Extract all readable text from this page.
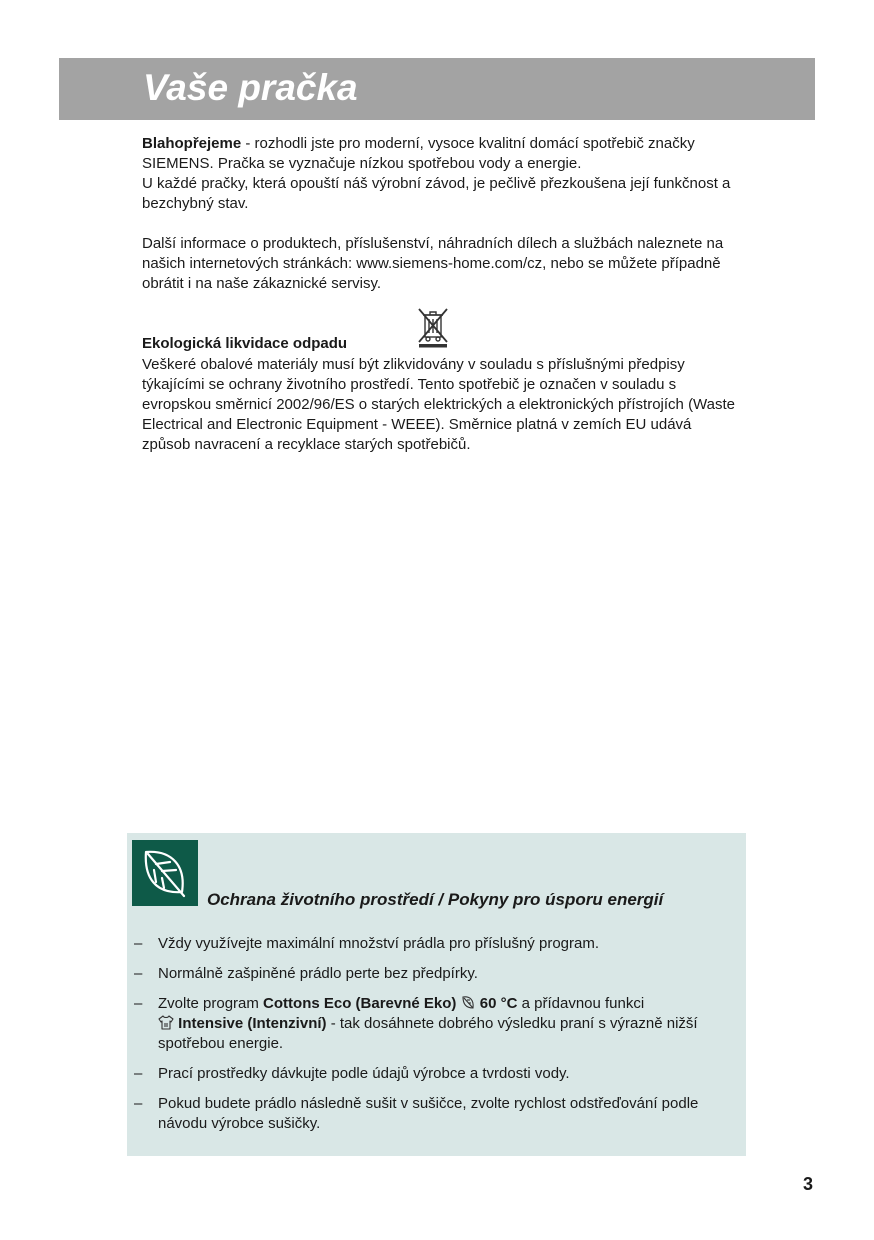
Vaše pračka

Blahopřejeme - rozhodli jste pro moderní, vysoce kvalitní domácí spotřebič značky SIEMENS. Pračka se vyznačuje nízkou spotřebou vody a energie.
U každé pračky, která opouští náš výrobní závod, je pečlivě přezkoušena její funkčnost a bezchybný stav.

Další informace o produktech, příslušenství, náhradních dílech a službách naleznete na našich internetových stránkách: www.siemens-home.com/cz, nebo se můžete případně obrátit i na naše zákaznické servisy.

Ekologická likvidace odpadu

Veškeré obalové materiály musí být zlikvidovány v souladu s příslušnými předpisy týkajícími se ochrany životního prostředí. Tento spotřebič je označen v souladu s evropskou směrnicí 2002/96/ES o starých elektrických a elektronických přístrojích (Waste Electrical and Electronic Equipment - WEEE). Směrnice platná v zemích EU udává způsob navracení a recyklace starých spotřebičů.

Ochrana životního prostředí / Pokyny pro úsporu energií
– Vždy využívejte maximální množství prádla pro příslušný program.
– Normálně zašpiněné prádlo perte bez předpírky.
– Zvolte program Cottons Eco (Barevné Eko)  60 °C a přídavnou funkci
Intensive (Intenzivní) - tak dosáhnete dobrého výsledku praní s výrazně nižší spotřebou energie.
– Prací prostředky dávkujte podle údajů výrobce a tvrdosti vody.
– Pokud budete prádlo následně sušit v sušičce, zvolte rychlost odstřeďování podle návodu výrobce sušičky.
3
